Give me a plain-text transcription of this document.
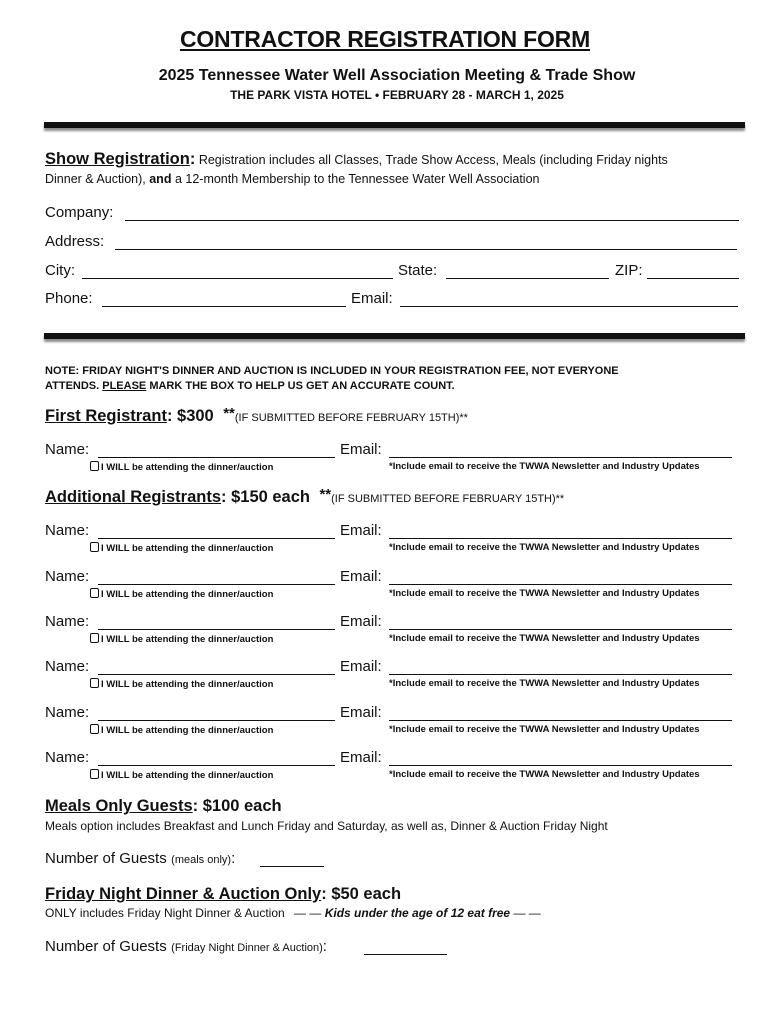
CONTRACTOR REGISTRATION FORM
2025 Tennessee Water Well Association Meeting & Trade Show
THE PARK VISTA HOTEL • FEBRUARY 28 - MARCH 1, 2025
Show Registration: Registration includes all Classes, Trade Show Access, Meals (including Friday nights
Dinner & Auction), and a 12-month Membership to the Tennessee Water Well Association
Company:
Address:
City:	State:	ZIP:
Phone:	Email:
NOTE: FRIDAY NIGHT'S DINNER AND AUCTION IS INCLUDED IN YOUR REGISTRATION FEE, NOT EVERYONE
ATTENDS. PLEASE MARK THE BOX TO HELP US GET AN ACCURATE COUNT.
First Registrant: $300 **(IF SUBMITTED BEFORE FEBRUARY 15TH)**
Name:	Email:
I WILL be attending the dinner/auction	*Include email to receive the TWWA Newsletter and Industry Updates
Additional Registrants: $150 each **(IF SUBMITTED BEFORE FEBRUARY 15TH)**
Name:	Email:
I WILL be attending the dinner/auction	*Include email to receive the TWWA Newsletter and Industry Updates
Name:	Email:
I WILL be attending the dinner/auction	*Include email to receive the TWWA Newsletter and Industry Updates
Name:	Email:
I WILL be attending the dinner/auction	*Include email to receive the TWWA Newsletter and Industry Updates
Name:	Email:
I WILL be attending the dinner/auction	*Include email to receive the TWWA Newsletter and Industry Updates
Name:	Email:
I WILL be attending the dinner/auction	*Include email to receive the TWWA Newsletter and Industry Updates
Name:	Email:
I WILL be attending the dinner/auction	*Include email to receive the TWWA Newsletter and Industry Updates
Meals Only Guests: $100 each
Meals option includes Breakfast and Lunch Friday and Saturday, as well as, Dinner & Auction Friday Night
Number of Guests (meals only):
Friday Night Dinner & Auction Only: $50 each
ONLY includes Friday Night Dinner & Auction — — Kids under the age of 12 eat free — —
Number of Guests (Friday Night Dinner & Auction):
